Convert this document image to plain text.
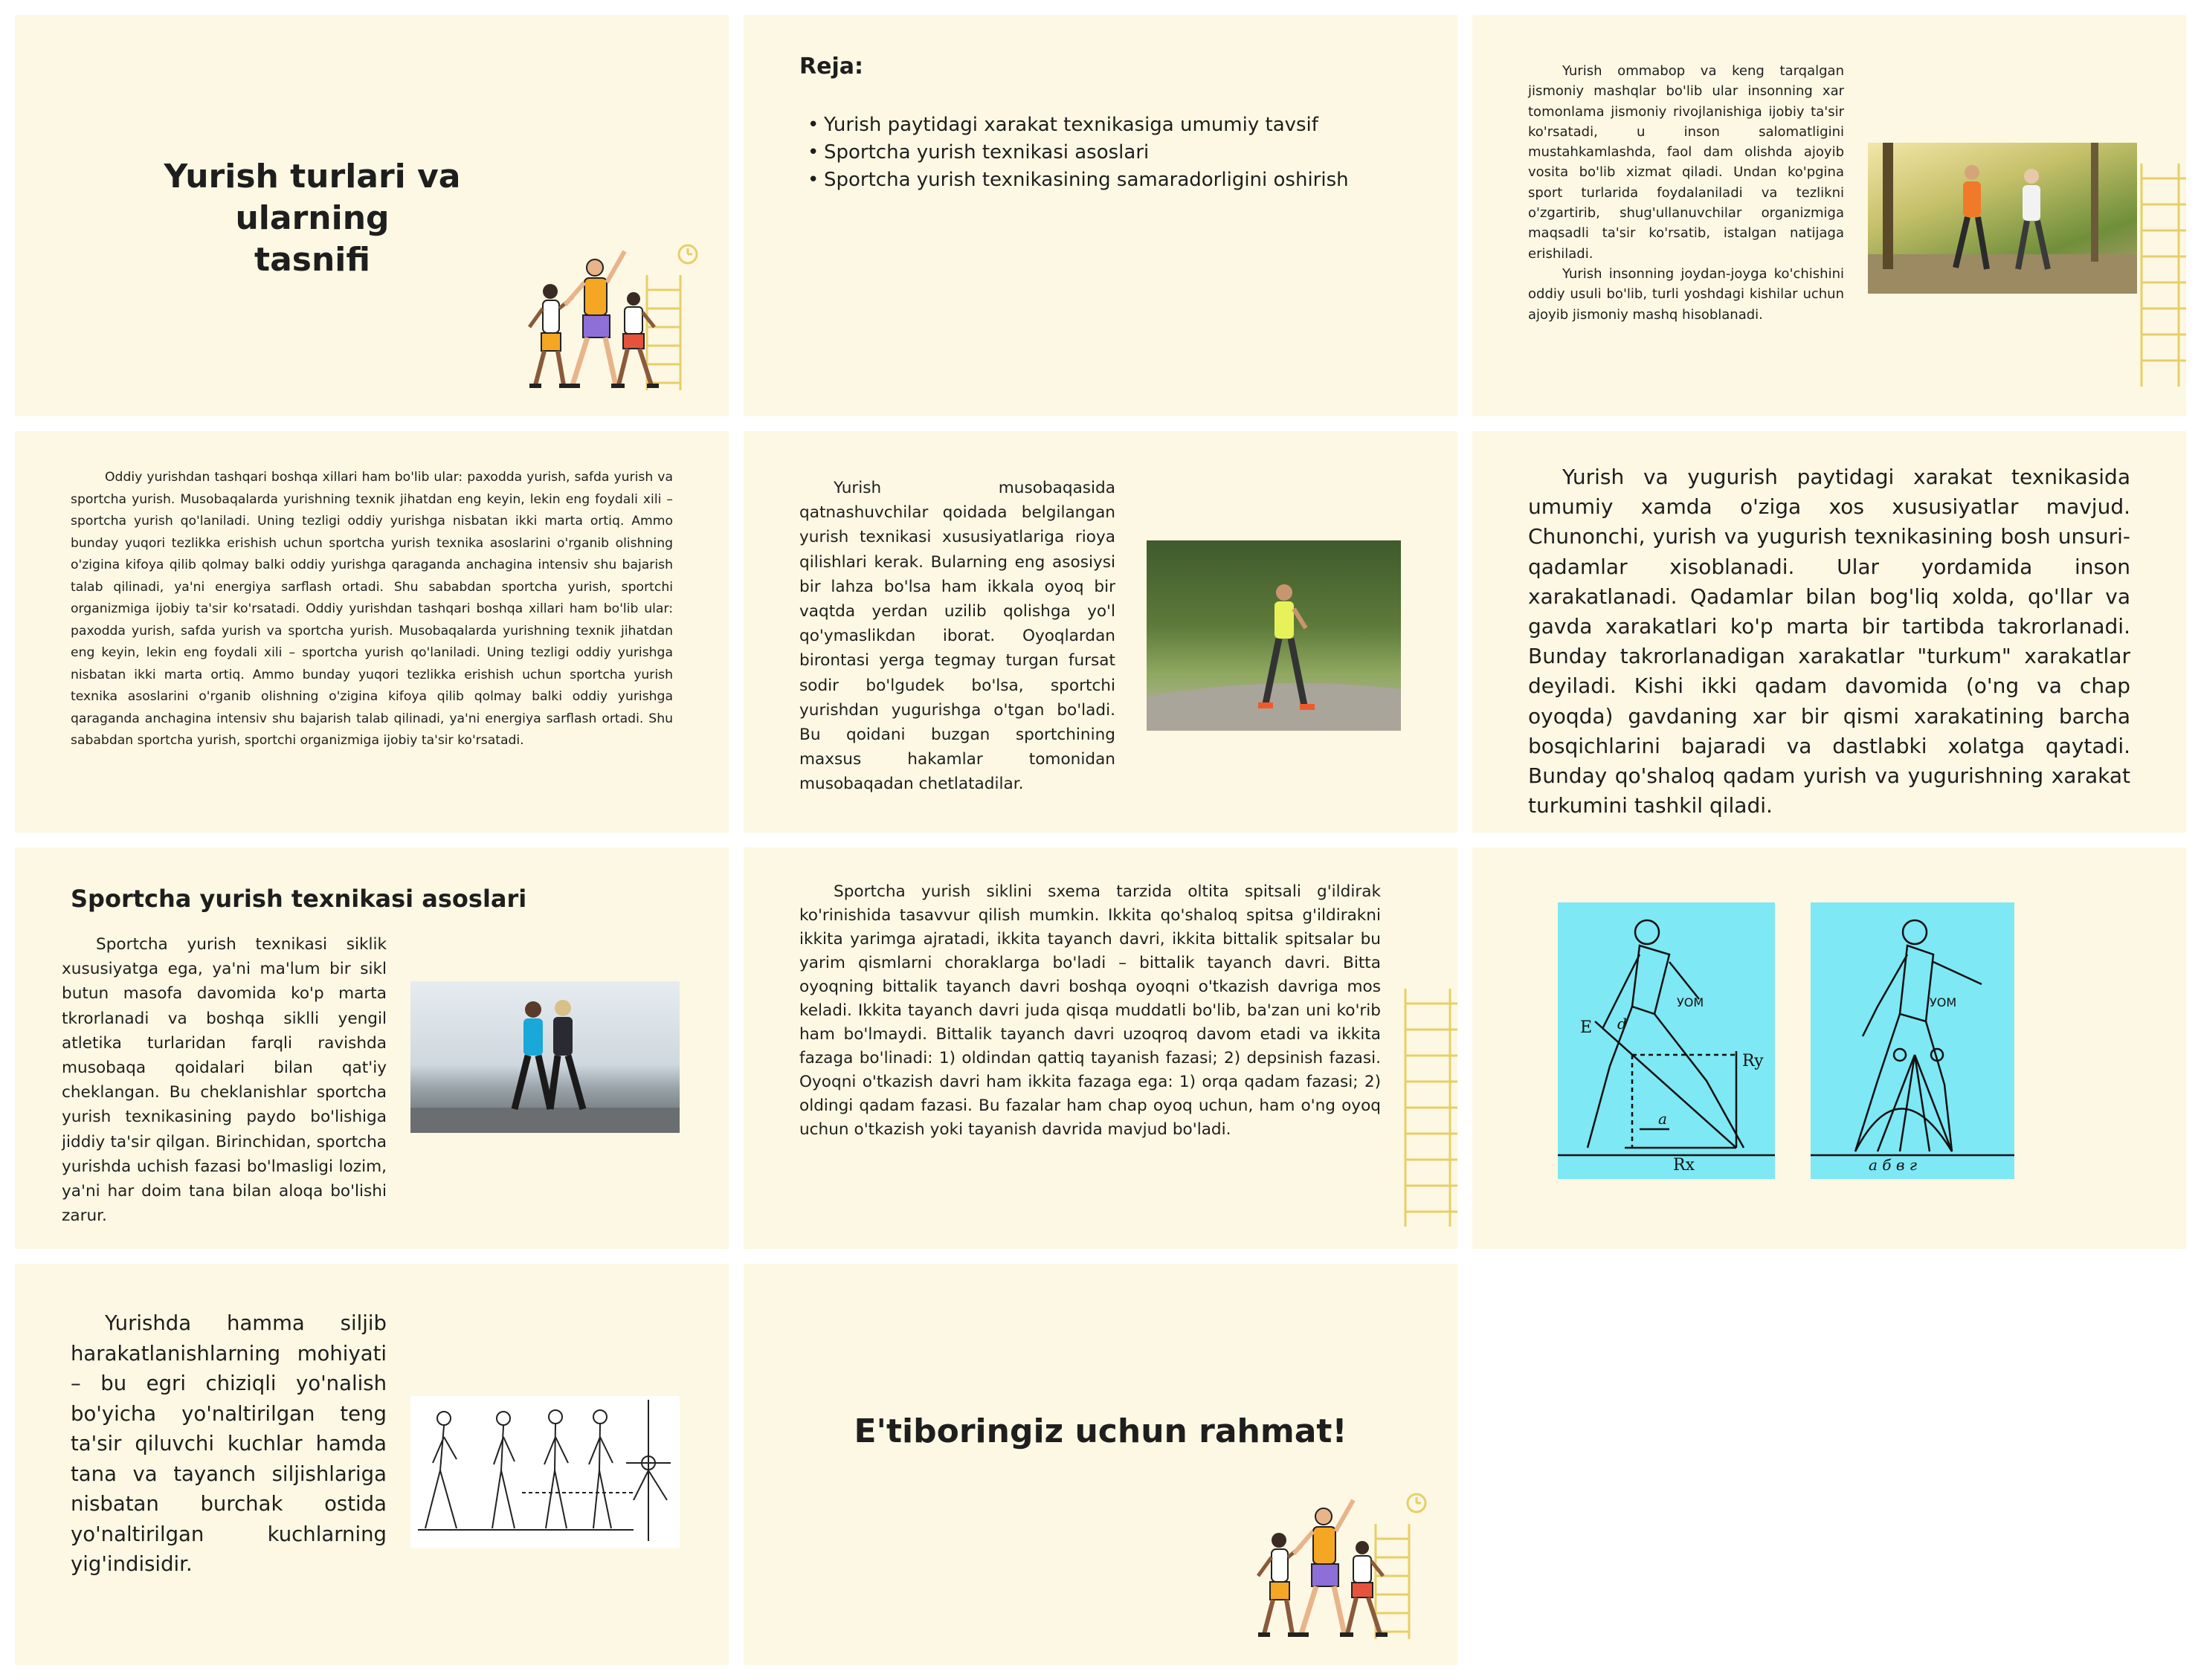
Yurish turlari va ularning
tasnifi
Reja:
• Yurish paytidagi xarakat texnikasiga umumiy tavsif
• Sportcha yurish texnikasi asoslari
• Sportcha yurish texnikasining samaradorligini oshirish
Yurish ommabop va keng tarqalgan jismoniy mashqlar bo'lib ular insonning xar tomonlama jismoniy rivojlanishiga ijobiy ta'sir ko'rsatadi, u inson salomatligini mustahkamlashda, faol dam olishda ajoyib vosita bo'lib xizmat qiladi. Undan ko'pgina sport turlarida foydalaniladi va tezlikni o'zgartirib, shug'ullanuvchilar organizmiga maqsadli ta'sir ko'rsatib, istalgan natijaga erishiladi.
Yurish insonning joydan-joyga ko'chishini oddiy usuli bo'lib, turli yoshdagi kishilar uchun ajoyib jismoniy mashq hisoblanadi.
Oddiy yurishdan tashqari boshqa xillari ham bo'lib ular: paxodda yurish, safda yurish va sportcha yurish. Musobaqalarda yurishning texnik jihatdan eng keyin, lekin eng foydali xili – sportcha yurish qo'laniladi. Uning tezligi oddiy yurishga nisbatan ikki marta ortiq. Ammo bunday yuqori tezlikka erishish uchun sportcha yurish texnika asoslarini o'rganib olishning o'zigina kifoya qilib qolmay balki oddiy yurishga qaraganda anchagina intensiv shu bajarish talab qilinadi, ya'ni energiya sarflash ortadi. Shu sababdan sportcha yurish, sportchi organizmiga ijobiy ta'sir ko'rsatadi. Oddiy yurishdan tashqari boshqa xillari ham bo'lib ular: paxodda yurish, safda yurish va sportcha yurish. Musobaqalarda yurishning texnik jihatdan eng keyin, lekin eng foydali xili – sportcha yurish qo'laniladi. Uning tezligi oddiy yurishga nisbatan ikki marta ortiq. Ammo bunday yuqori tezlikka erishish uchun sportcha yurish texnika asoslarini o'rganib olishning o'zigina kifoya qilib qolmay balki oddiy yurishga qaraganda anchagina intensiv shu bajarish talab qilinadi, ya'ni energiya sarflash ortadi. Shu sababdan sportcha yurish, sportchi organizmiga ijobiy ta'sir ko'rsatadi.
Yurish musobaqasida qatnashuvchilar qoidada belgilangan yurish texnikasi xususiyatlariga rioya qilishlari kerak. Bularning eng asosiysi bir lahza bo'lsa ham ikkala oyoq bir vaqtda yerdan uzilib qolishga yo'l qo'ymaslikdan iborat. Oyoqlardan birontasi yerga tegmay turgan fursat sodir bo'lgudek bo'lsa, sportchi yurishdan yugurishga o'tgan bo'ladi. Bu qoidani buzgan sportchining maxsus hakamlar tomonidan musobaqadan chetlatadilar.
Yurish va yugurish paytidagi xarakat texnikasida umumiy xamda o'ziga xos xususiyatlar mavjud. Chunonchi, yurish va yugurish texnikasining bosh unsuri-qadamlar xisoblanadi. Ular yordamida inson xarakatlanadi. Qadamlar bilan bog'liq xolda, qo'llar va gavda xarakatlari ko'p marta bir tartibda takrorlanadi. Bunday takrorlanadigan xarakatlar "turkum" xarakatlar deyiladi. Kishi ikki qadam davomida (o'ng va chap oyoqda) gavdaning xar bir qismi xarakatining barcha bosqichlarini bajaradi va dastlabki xolatga qaytadi. Bunday qo'shaloq qadam yurish va yugurishning xarakat turkumini tashkil qiladi.
Sportcha yurish texnikasi asoslari
Sportcha yurish texnikasi siklik xususiyatga ega, ya'ni ma'lum bir sikl butun masofa davomida ko'p marta tkrorlanadi va boshqa siklli yengil atletika turlaridan farqli ravishda musobaqa qoidalari bilan qat'iy cheklangan. Bu cheklanishlar sportcha yurish texnikasining paydo bo'lishiga jiddiy ta'sir qilgan. Birinchidan, sportcha yurishda uchish fazasi bo'lmasligi lozim, ya'ni har doim tana bilan aloqa bo'lishi zarur.
Sportcha yurish siklini sxema tarzida oltita spitsali g'ildirak ko'rinishida tasavvur qilish mumkin. Ikkita qo'shaloq spitsa g'ildirakni ikkita yarimga ajratadi, ikkita tayanch davri, ikkita bittalik spitsalar bu yarim qismlarni choraklarga bo'ladi – bittalik tayanch davri. Bitta oyoqning bittalik tayanch davri boshqa oyoqni o'tkazish davriga mos keladi. Ikkita tayanch davri juda qisqa muddatli bo'lib, ba'zan uni ko'rib ham bo'lmaydi. Bittalik tayanch davri uzoqroq davom etadi va ikkita fazaga bo'linadi: 1) oldindan qattiq tayanish fazasi; 2) depsinish fazasi. Oyoqni o'tkazish davri ham ikkita fazaga ega: 1) orqa qadam fazasi; 2) oldingi qadam fazasi. Bu fazalar ham chap oyoq uchun, ham o'ng oyoq uchun o'tkazish yoki tayanish davrida mavjud bo'ladi.
E d
УОМ
Ry
Rx
a
УОМ
а б в г
Yurishda hamma siljib harakatlanishlarning mohiyati – bu egri chiziqli yo'nalish bo'yicha yo'naltirilgan teng ta'sir qiluvchi kuchlar hamda tana va tayanch siljishlariga nisbatan burchak ostida yo'naltirilgan kuchlarning yig'indisidir.
E'tiboringiz uchun rahmat!
